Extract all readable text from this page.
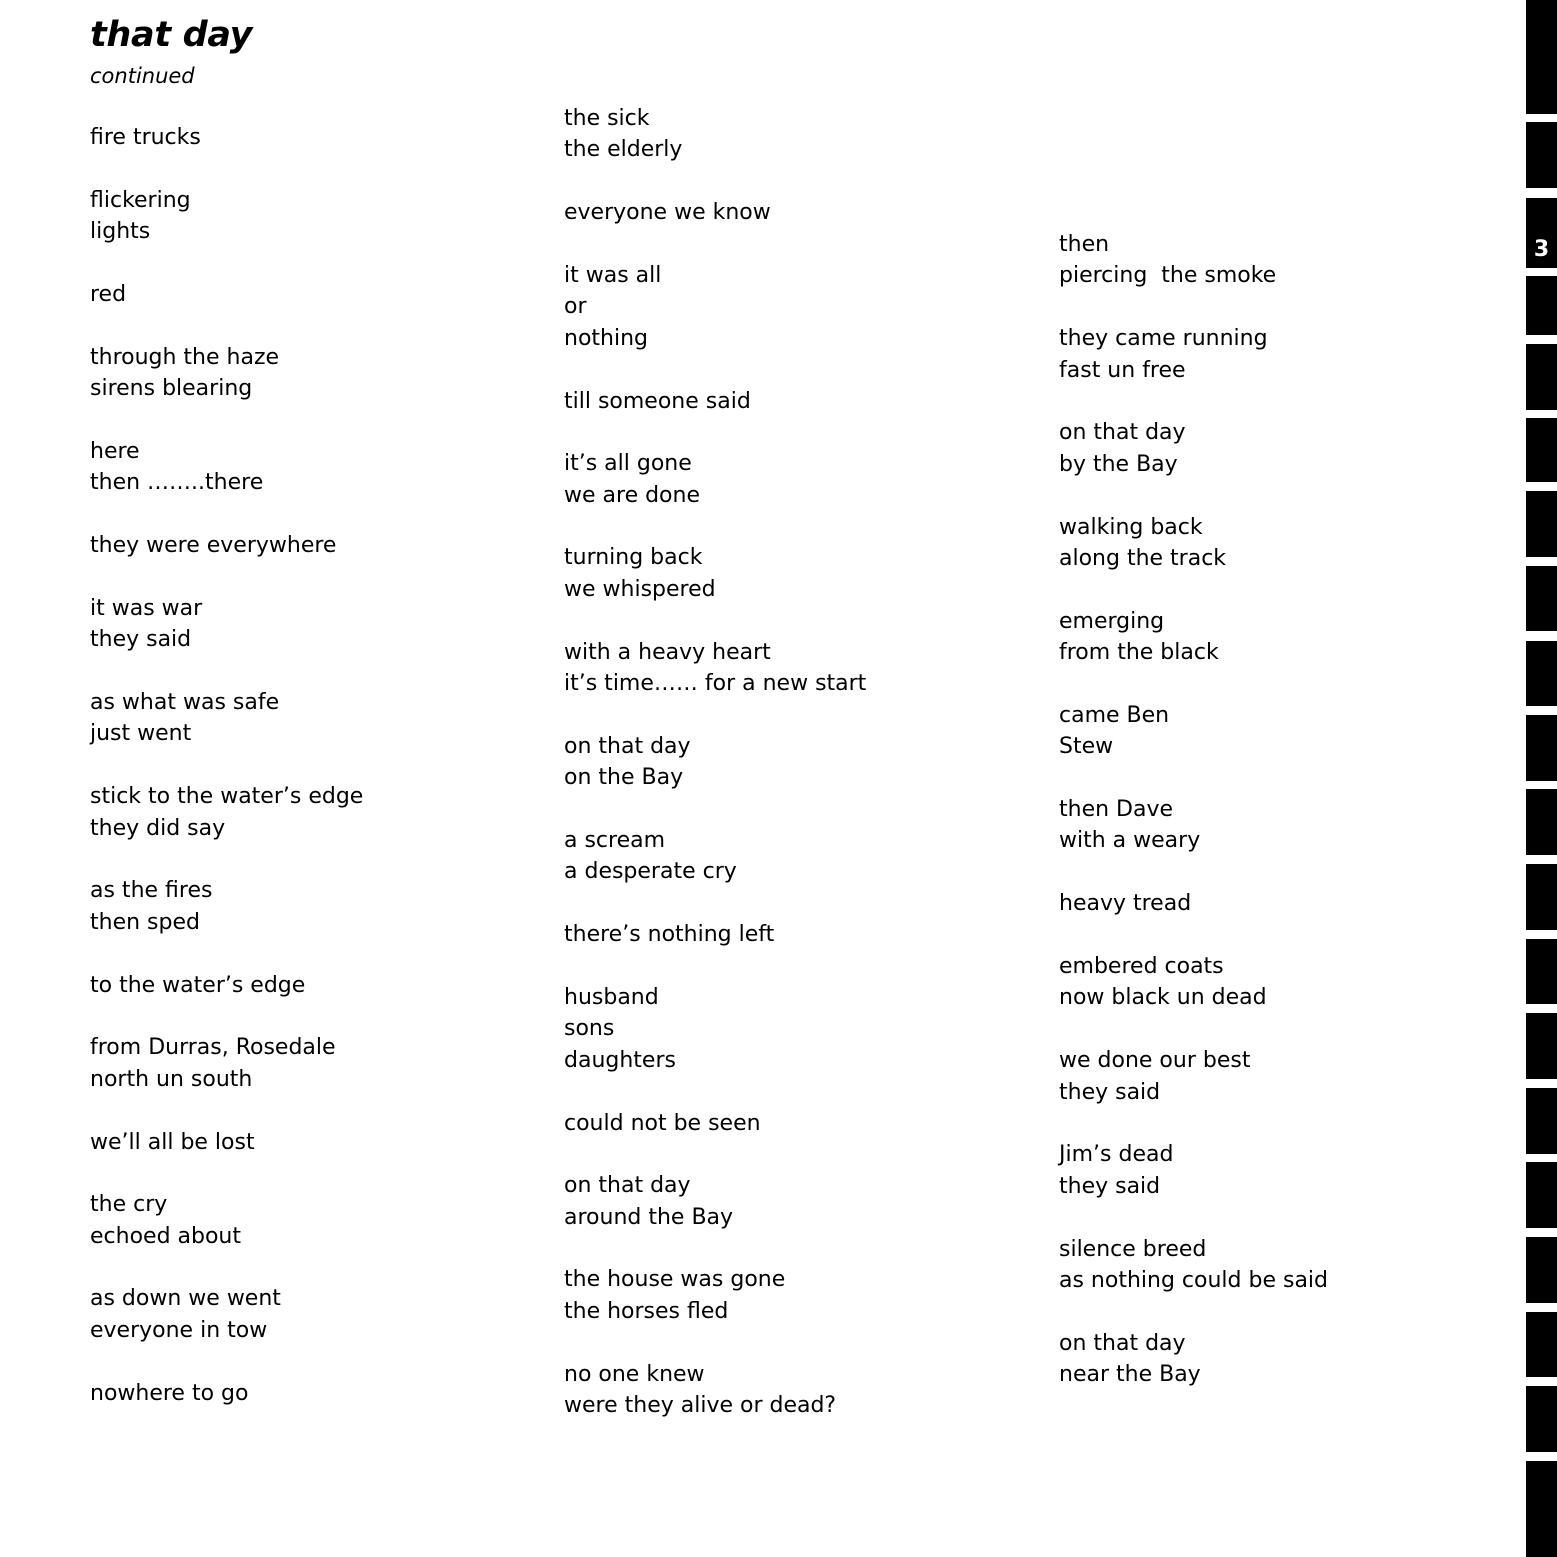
that day

continued

fire trucks
flickering
lights
red
through the haze
sirens blearing
here
then ……..there
they were everywhere
it was war
they said
as what was safe
just went
stick to the water’s edge
they did say
as the fires
then sped
to the water’s edge
from Durras, Rosedale
north un south
we’ll all be lost
the cry
echoed about
as down we went
everyone in tow
nowhere to go
the sick
the elderly
everyone we know
it was all
or
nothing
till someone said
it’s all gone
we are done
turning back
we whispered
with a heavy heart
it’s time…… for a new start
on that day
on the Bay
a scream
a desperate cry
there’s nothing left
husband
sons
daughters
could not be seen
on that day
around the Bay
the house was gone
the horses fled
no one knew
were they alive or dead?
then
piercing  the smoke
they came running
fast un free
on that day
by the Bay
walking back
along the track
emerging
from the black
came Ben
Stew
then Dave
with a weary
heavy tread
embered coats
now black un dead
we done our best
they said
Jim’s dead
they said
silence breed
as nothing could be said
on that day
near the Bay
3
